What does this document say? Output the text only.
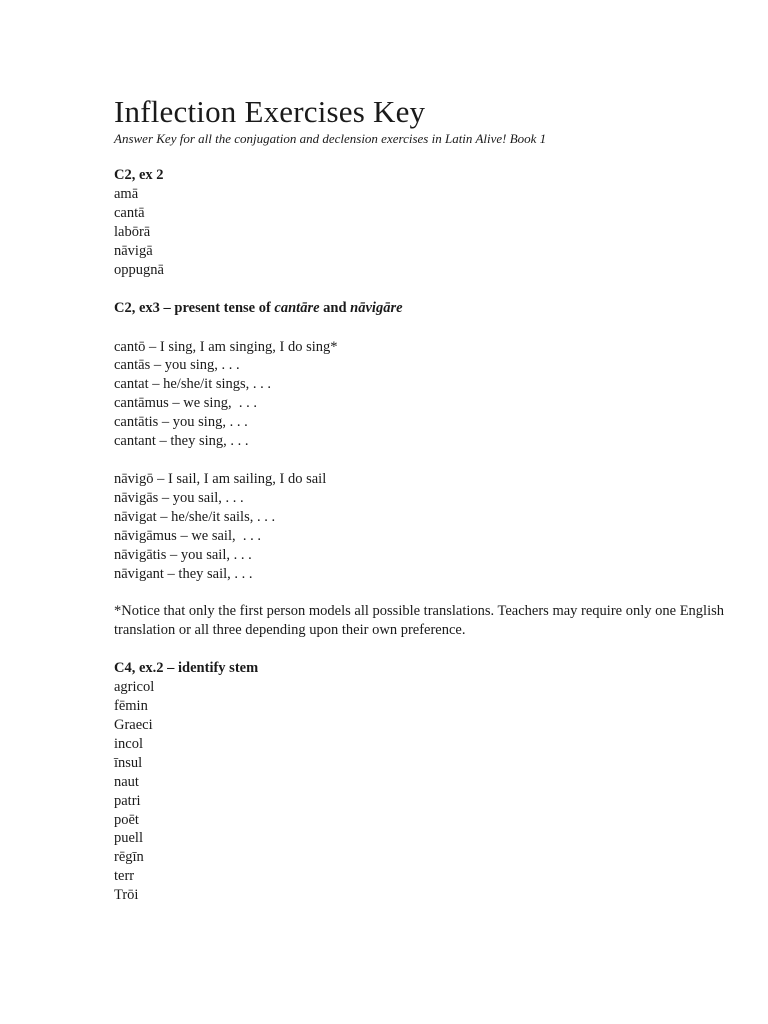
Inflection Exercises Key
Answer Key for all the conjugation and declension exercises in Latin Alive! Book 1
C2, ex 2
amā
cantā
labōrā
nāvigā
oppugnā
C2, ex3 – present tense of cantāre and nāvigāre
cantō – I sing, I am singing, I do sing*
cantās – you sing, . . .
cantat – he/she/it sings, . . .
cantāmus – we sing,  . . .
cantātis – you sing, . . .
cantant – they sing, . . .
nāvigō – I sail, I am sailing, I do sail
nāvigās – you sail, . . .
nāvigat – he/she/it sails, . . .
nāvigāmus – we sail,  . . .
nāvigātis – you sail, . . .
nāvigant – they sail, . . .
*Notice that only the first person models all possible translations. Teachers may require only one English translation or all three depending upon their own preference.
C4, ex.2 – identify stem
agricol
fēmin
Graeci
incol
īnsul
naut
patri
poēt
puell
rēgīn
terr
Trōi
